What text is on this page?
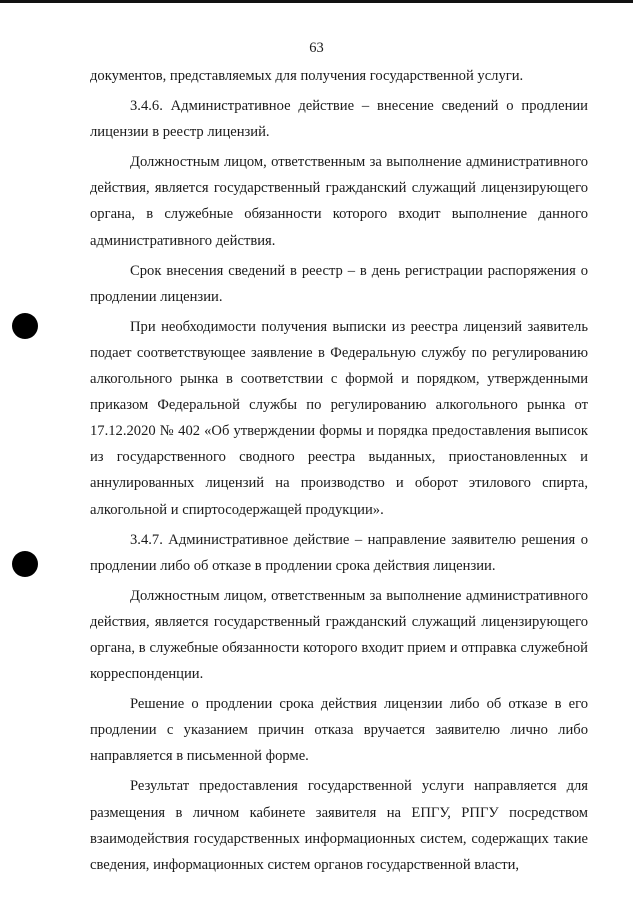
63

документов, представляемых для получения государственной услуги.

3.4.6. Административное действие – внесение сведений о продлении лицензии в реестр лицензий.

Должностным лицом, ответственным за выполнение административного действия, является государственный гражданский служащий лицензирующего органа, в служебные обязанности которого входит выполнение данного административного действия.

Срок внесения сведений в реестр – в день регистрации распоряжения о продлении лицензии.

При необходимости получения выписки из реестра лицензий заявитель подает соответствующее заявление в Федеральную службу по регулированию алкогольного рынка в соответствии с формой и порядком, утвержденными приказом Федеральной службы по регулированию алкогольного рынка от 17.12.2020 № 402 «Об утверждении формы и порядка предоставления выписок из государственного сводного реестра выданных, приостановленных и аннулированных лицензий на производство и оборот этилового спирта, алкогольной и спиртосодержащей продукции».

3.4.7. Административное действие – направление заявителю решения о продлении либо об отказе в продлении срока действия лицензии.

Должностным лицом, ответственным за выполнение административного действия, является государственный гражданский служащий лицензирующего органа, в служебные обязанности которого входит прием и отправка служебной корреспонденции.

Решение о продлении срока действия лицензии либо об отказе в его продлении с указанием причин отказа вручается заявителю лично либо направляется в письменной форме.

Результат предоставления государственной услуги направляется для размещения в личном кабинете заявителя на ЕПГУ, РПГУ посредством взаимодействия государственных информационных систем, содержащих такие сведения, информационных систем органов государственной власти,
